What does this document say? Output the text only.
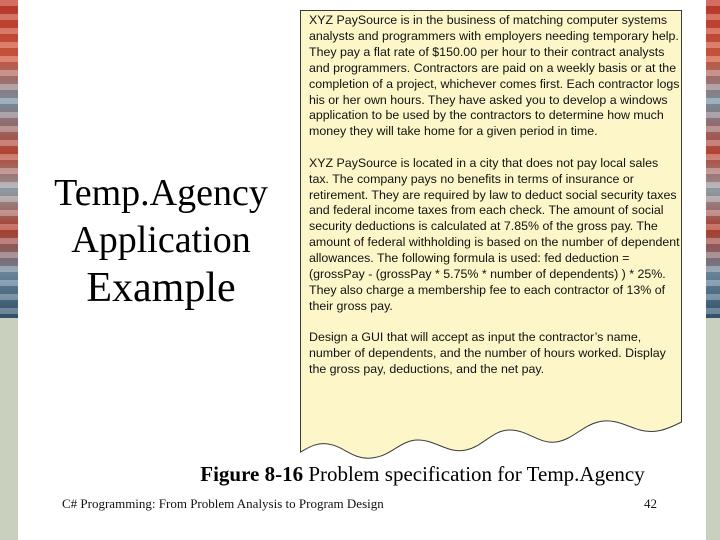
Temp.Agency
Application
Example

XYZ PaySource is in the business of matching computer systems analysts and programmers with employers needing temporary help. They pay a flat rate of $150.00 per hour to their contract analysts and programmers. Contractors are paid on a weekly basis or at the completion of a project, whichever comes first. Each contractor logs his or her own hours. They have asked you to develop a windows application to be used by the contractors to determine how much money they will take home for a given period in time.

XYZ PaySource is located in a city that does not pay local sales tax. The company pays no benefits in terms of insurance or retirement. They are required by law to deduct social security taxes and federal income taxes from each check. The amount of social security deductions is calculated at 7.85% of the gross pay. The amount of federal withholding is based on the number of dependent allowances. The following formula is used: fed deduction = (grossPay - (grossPay * 5.75% * number of dependents) ) * 25%. They also charge a membership fee to each contractor of 13% of their gross pay.

Design a GUI that will accept as input the contractor’s name, number of dependents, and the number of hours worked. Display the gross pay, deductions, and the net pay.

Figure 8-16 Problem specification for Temp.Agency
C# Programming: From Problem Analysis to Program Design	42
